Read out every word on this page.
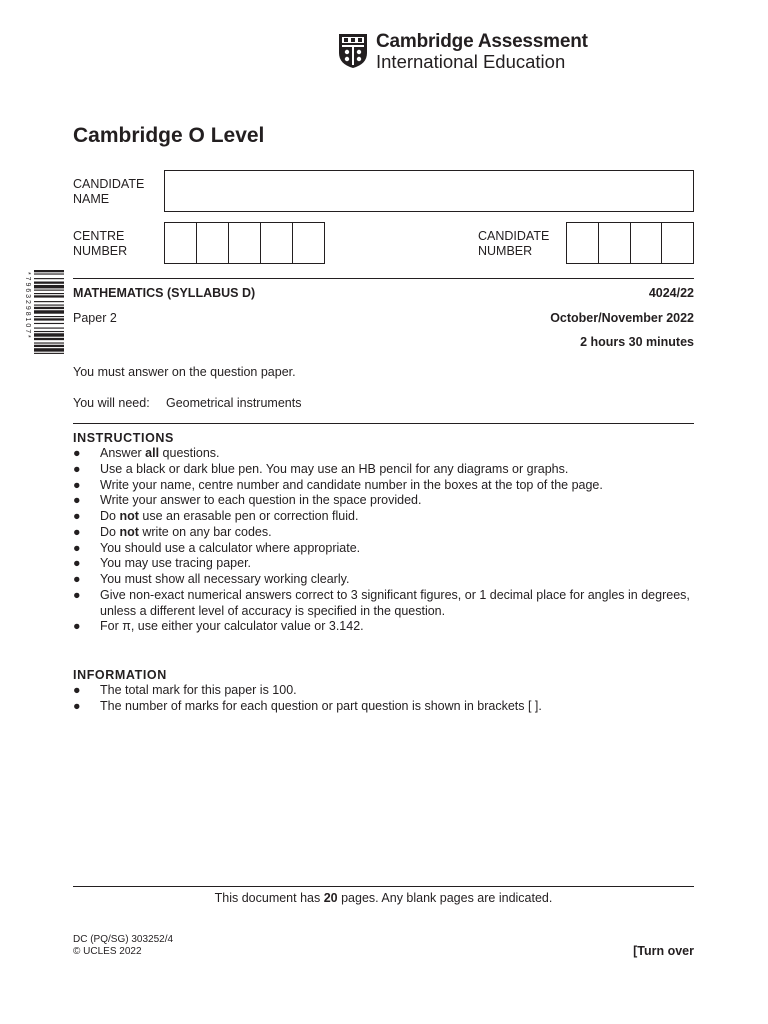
Cambridge Assessment
International Education
Cambridge O Level
CANDIDATE
NAME
CENTRE
NUMBER
CANDIDATE
NUMBER
* 7 9 6 3 2 9 8 1 0 7 *	MATHEMATICS (SYLLABUS D)	4024/22
Paper 2	October/November 2022
2 hours 30 minutes
You must answer on the question paper.
You will need: Geometrical instruments
INSTRUCTIONS
● Answer all questions.
● Use a black or dark blue pen. You may use an HB pencil for any diagrams or graphs.
● Write your name, centre number and candidate number in the boxes at the top of the page.
● Write your answer to each question in the space provided.
● Do not use an erasable pen or correction fluid.
● Do not write on any bar codes.
● You should use a calculator where appropriate.
● You may use tracing paper.
● You must show all necessary working clearly.
● Give non-exact numerical answers correct to 3 significant figures, or 1 decimal place for angles in degrees, unless a different level of accuracy is specified in the question.
● For π, use either your calculator value or 3.142.
INFORMATION
● The total mark for this paper is 100.
● The number of marks for each question or part question is shown in brackets [ ].
This document has 20 pages. Any blank pages are indicated.
DC (PQ/SG) 303252/4
© UCLES 2022	[Turn over
